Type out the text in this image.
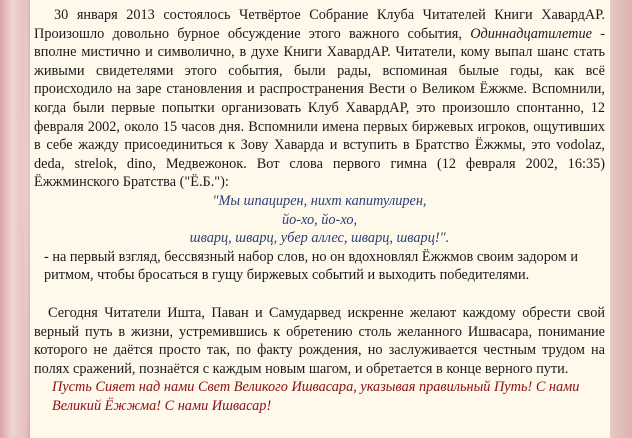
30 января 2013 состоялось Четвёртое Собрание Клуба Читателей Книги ХавардАР. Произошло довольно бурное обсуждение этого важного события, Одиннадцатилетие - вполне мистично и символично, в духе Книги ХавардАР. Читатели, кому выпал шанс стать живыми свидетелями этого события, были рады, вспоминая былые годы, как всё происходило на заре становления и распространения Вести о Великом Ёжжме. Вспомнили, когда были первые попытки организовать Клуб ХавардАР, это произошло спонтанно, 12 февраля 2002, около 15 часов дня. Вспомнили имена первых биржевых игроков, ощутивших в себе жажду присоединиться к Зову Хаварда и вступить в Братство Ёжжмы, это vodolaz, deda, strelok, dino, Медвежонок. Вот слова первого гимна (12 февраля 2002, 16:35) Ёжжминского Братства ("Ё.Б."):

"Мы шпацирен, нихт капитулирен,

йо-хо, йо-хо,

шварц, шварц, убер аллес, шварц, шварц!".

- на первый взгляд, бессвязный набор слов, но он вдохновлял Ёжжмов своим задором и ритмом, чтобы бросаться в гущу биржевых событий и выходить победителями.

Сегодня Читатели Ишта, Паван и Самударвед искренне желают каждому обрести свой верный путь в жизни, устремившись к обретению столь желанного Ишвасара, понимание которого не даётся просто так, по факту рождения, но заслуживается честным трудом на полях сражений, познаётся с каждым новым шагом, и обретается в конце верного пути.

Пусть Сияет над нами Свет Великого Ишвасара, указывая правильный Путь! С нами Великий Ёжжма! С нами Ишвасар!
